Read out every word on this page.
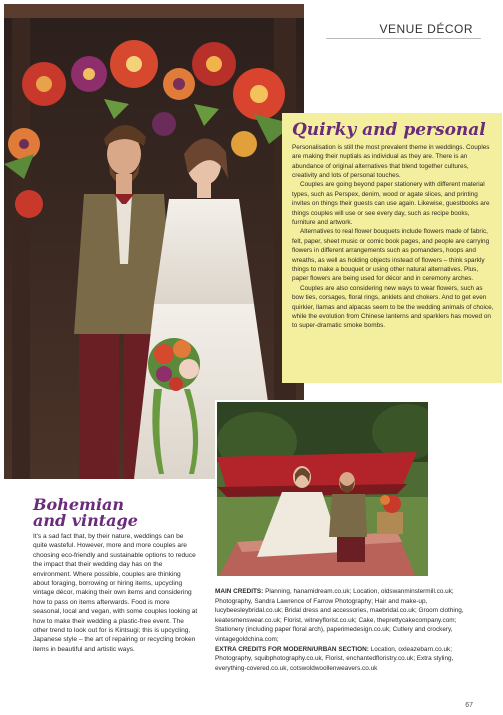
VENUE DÉCOR
Quirky and personal

Personalisation is still the most prevalent theme in weddings. Couples are making their nuptials as individual as they are. There is an abundance of original alternatives that blend together cultures, creativity and lots of personal touches.

Couples are going beyond paper stationery with different material types, such as Perspex, denim, wood or agate slices, and printing invites on things their guests can use again. Likewise, guestbooks are things couples will use or see every day, such as recipe books, furniture and artwork.

Alternatives to real flower bouquets include flowers made of fabric, felt, paper, sheet music or comic book pages, and people are carrying flowers in different arrangements such as pomanders, hoops and wreaths, as well as holding objects instead of flowers – think sparkly things to make a bouquet or using other natural alternatives. Plus, paper flowers are being used for décor and in ceremony arches.

Couples are also considering new ways to wear flowers, such as bow ties, corsages, floral rings, anklets and chokers. And to get even quirkier, llamas and alpacas seem to be the wedding animals of choice, while the evolution from Chinese lanterns and sparklers has moved on to super-dramatic smoke bombs.

Bohemian
and vintage
It's a sad fact that, by their nature, weddings can be quite wasteful. However, more and more couples are choosing eco-friendly and sustainable options to reduce the impact that their wedding day has on the environment. Where possible, couples are thinking about foraging, borrowing or hiring items, upcycling vintage décor, making their own items and considering how to pass on items afterwards. Food is more seasonal, local and vegan, with some couples looking at how to make their wedding a plastic-free event. The other trend to look out for is Kintsugi; this is upcycling, Japanese style – the art of repairing or recycling broken items in beautiful and artistic ways.
MAIN CREDITS: Planning, hanamidream.co.uk; Location, oldswanminstermill.co.uk; Photography, Sandra Lawrence of Farrow Photography; Hair and make-up, lucybeesleybridal.co.uk; Bridal dress and accessories, maebridal.co.uk; Groom clothing, keatesmenswear.co.uk; Florist, witneyflorist.co.uk; Cake, theprettycakecompany.com; Stationery (including paper floral arch), paperimedesign.co.uk; Cutlery and crockery, vintagegoldchina.com;
EXTRA CREDITS FOR MODERN/URBAN SECTION: Location, oxleazebarn.co.uk; Photography, squibphotography.co.uk, Florist, enchantedfloristry.co.uk; Extra styling, everything-covered.co.uk, cotswoldwoollenweavers.co.uk
67
